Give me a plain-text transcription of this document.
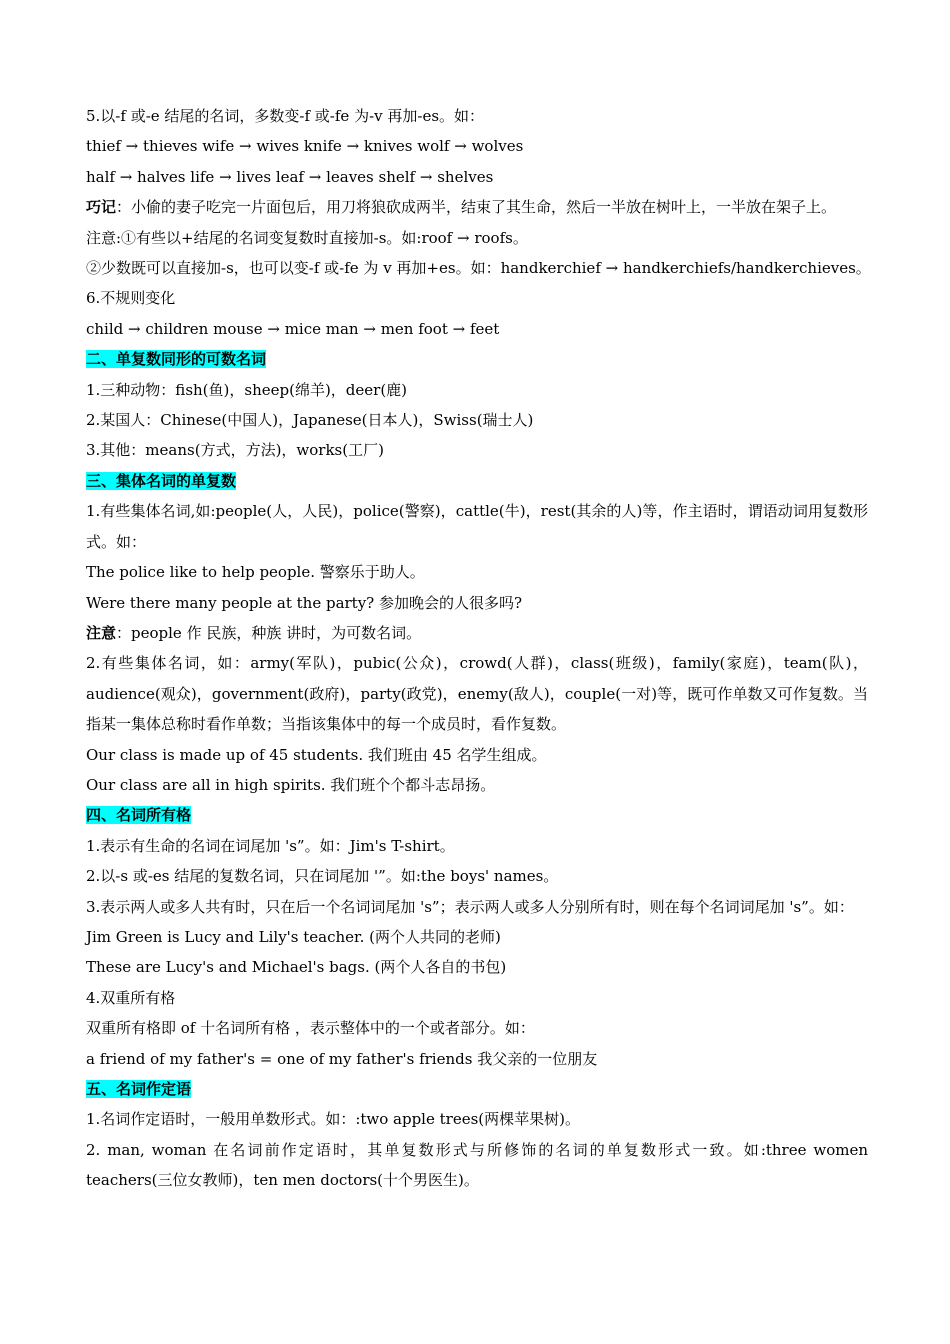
5.以-f 或-e 结尾的名词，多数变-f 或-fe 为-v 再加-es。如：
thief → thieves wife → wives knife → knives wolf → wolves
half → halves life → lives leaf → leaves shelf → shelves
巧记：小偷的妻子吃完一片面包后，用刀将狼砍成两半，结束了其生命，然后一半放在树叶上，一半放在架子上。
注意:①有些以+结尾的名词变复数时直接加-s。如:roof → roofs。
②少数既可以直接加-s，也可以变-f 或-fe 为 v 再加+es。如：handkerchief → handkerchiefs/handkerchieves。
6.不规则变化
child → children mouse → mice man → men foot → feet
二、单复数同形的可数名词
1.三种动物：fish(鱼)，sheep(绵羊)，deer(鹿)
2.某国人：Chinese(中国人)，Japanese(日本人)，Swiss(瑞士人)
3.其他：means(方式，方法)，works(工厂)
三、集体名词的单复数
1.有些集体名词,如:people(人，人民)，police(警察)，cattle(牛)，rest(其余的人)等，作主语时，谓语动词用复数形式。如：
The police like to help people. 警察乐于助人。
Were there many people at the party? 参加晚会的人很多吗?
注意：people 作 民族，种族 讲时，为可数名词。
2.有些集体名词，如：army(军队)，pubic(公众)，crowd(人群)，class(班级)，family(家庭)，team(队)，audience(观众)，government(政府)，party(政党)，enemy(敌人)，couple(一对)等，既可作单数又可作复数。当指某一集体总称时看作单数；当指该集体中的每一个成员时，看作复数。
Our class is made up of 45 students. 我们班由 45 名学生组成。
Our class are all in high spirits. 我们班个个都斗志昂扬。
四、名词所有格
1.表示有生命的名词在词尾加 's”。如：Jim's T-shirt。
2.以-s 或-es 结尾的复数名词，只在词尾加 '”。如:the boys' names。
3.表示两人或多人共有时，只在后一个名词词尾加 's”；表示两人或多人分别所有时，则在每个名词词尾加 's”。如：
Jim Green is Lucy and Lily's teacher. (两个人共同的老师)
These are Lucy's and Michael's bags. (两个人各自的书包)
4.双重所有格
双重所有格即 of 十名词所有格 ，表示整体中的一个或者部分。如：
a friend of my father's = one of my father's friends 我父亲的一位朋友
五、名词作定语
1.名词作定语时，一般用单数形式。如：:two apple trees(两棵苹果树)。
2. man, woman 在名词前作定语时，其单复数形式与所修饰的名词的单复数形式一致。如:three women teachers(三位女教师)，ten men doctors(十个男医生)。
